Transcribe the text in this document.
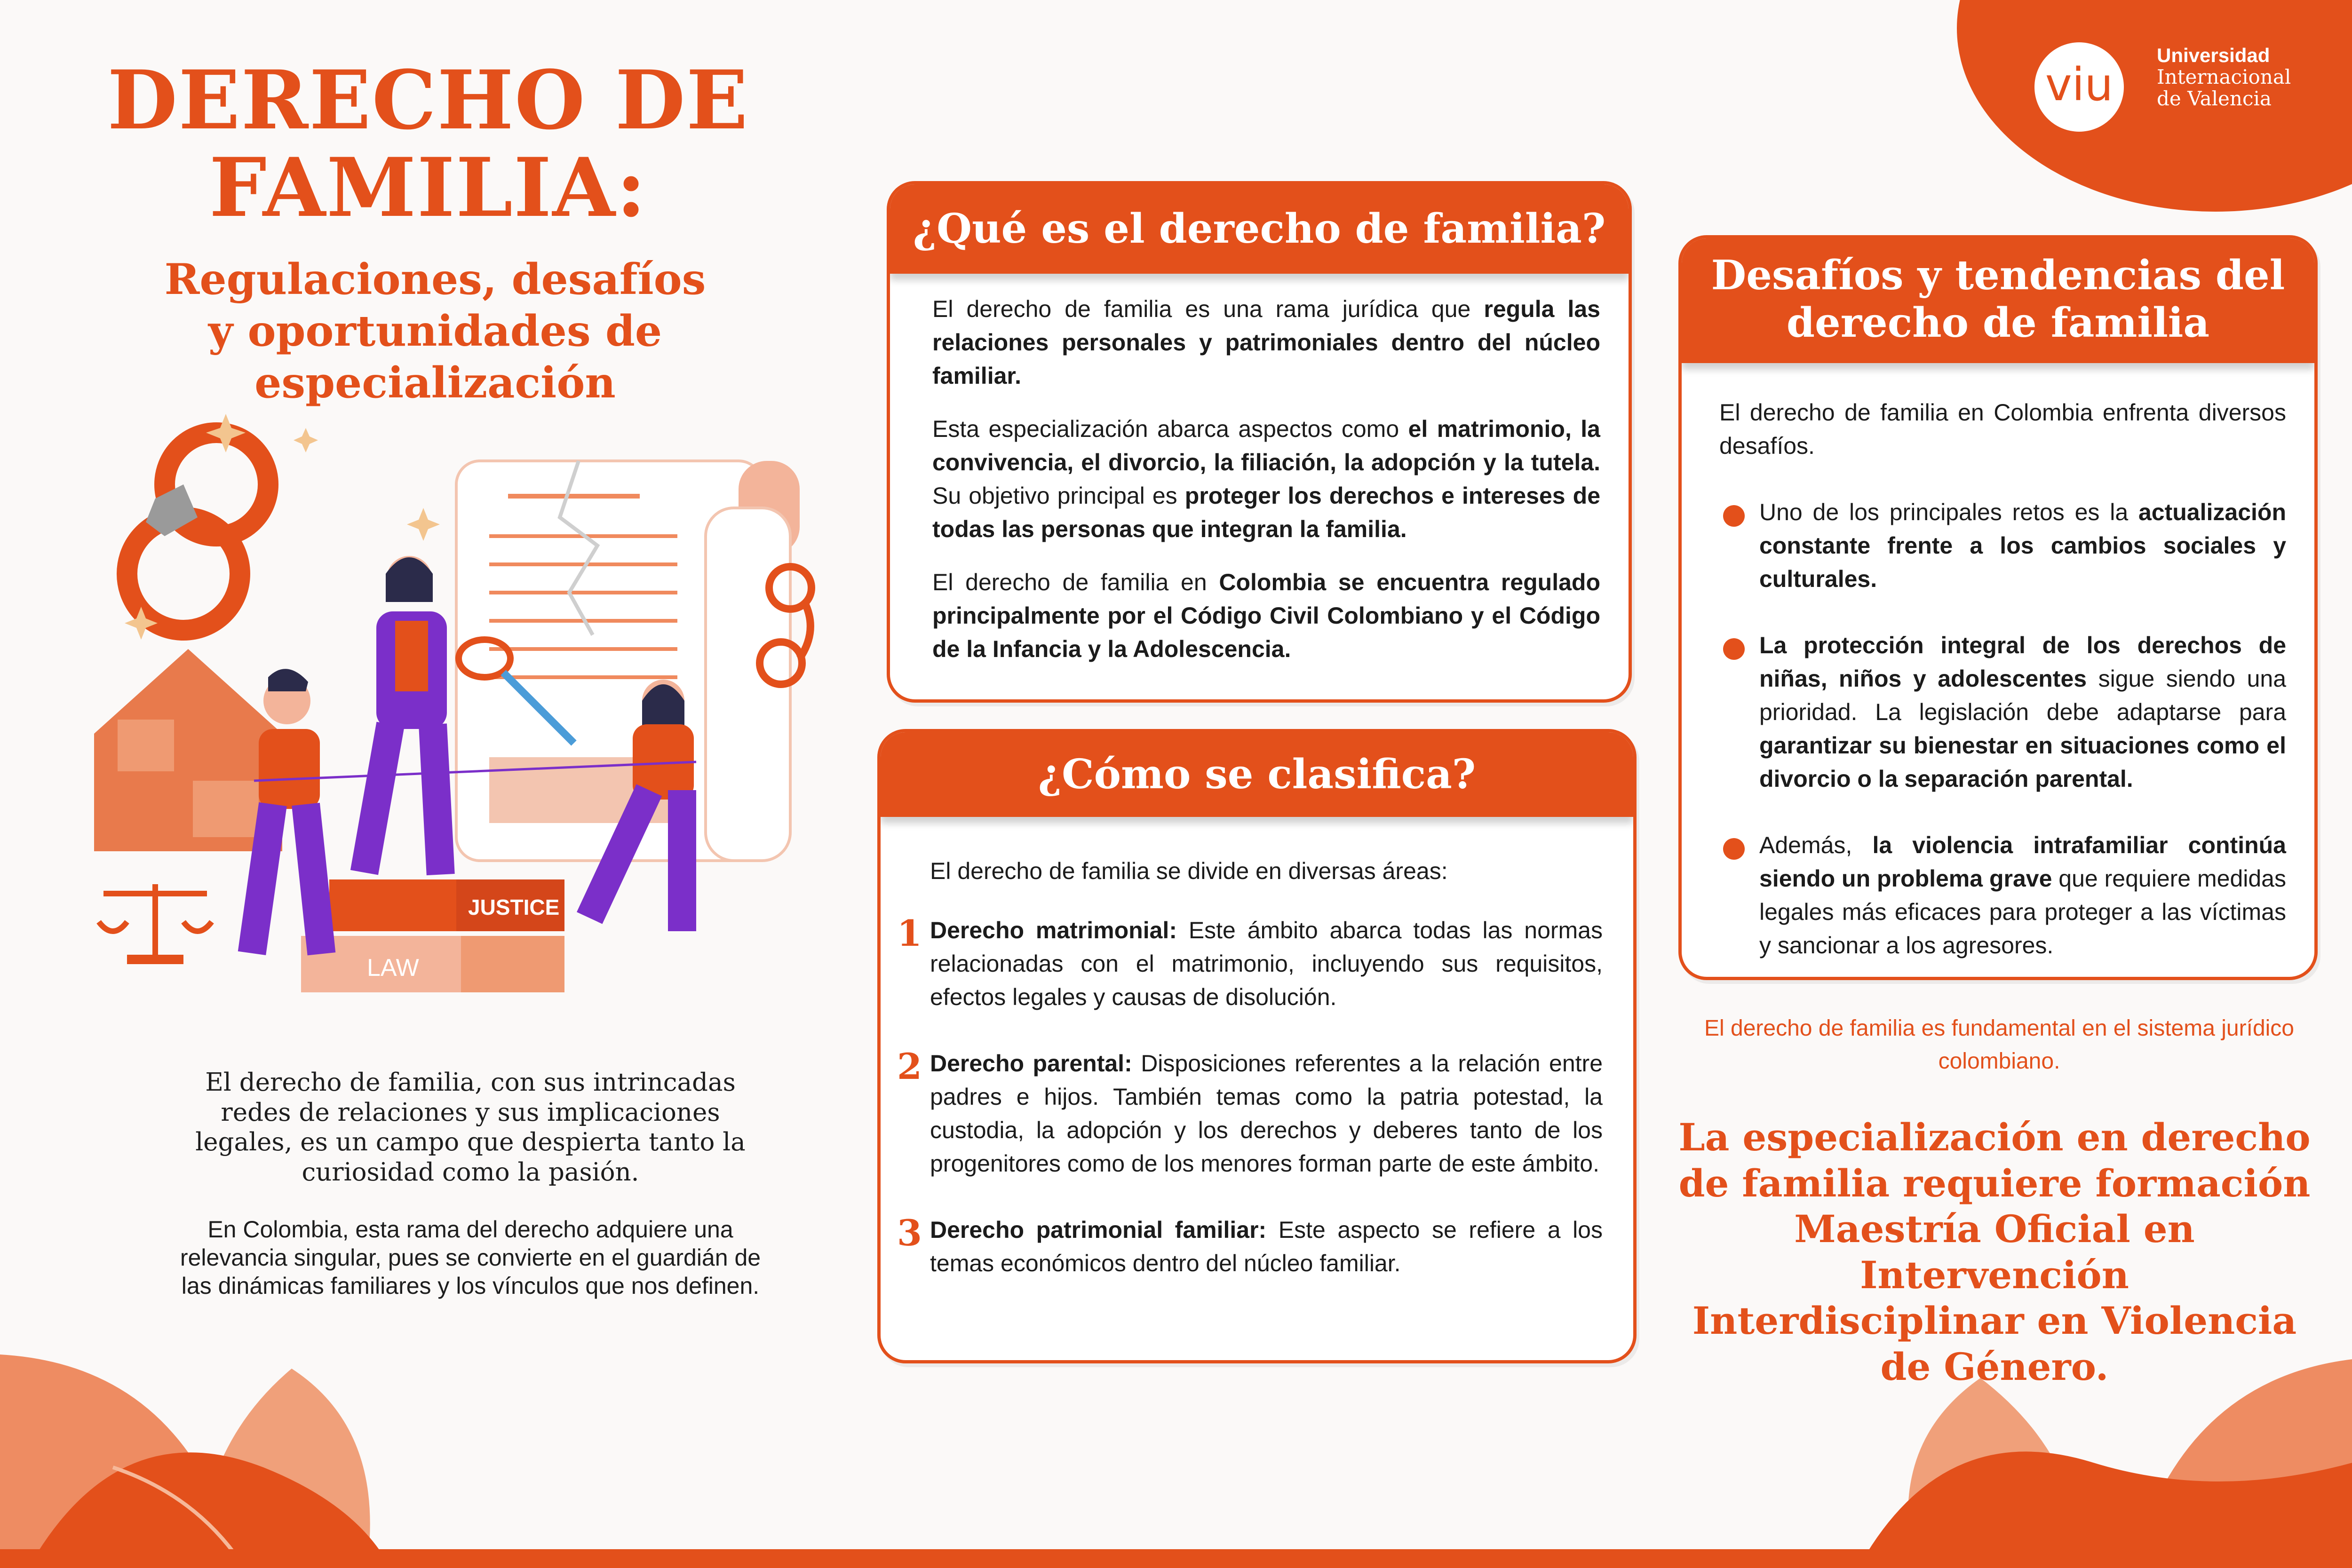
viu
Universidad
Internacional
de Valencia
DERECHO DE
FAMILIA:
Regulaciones, desafíos
y oportunidades de
especialización
JUSTICE
LAW

El derecho de familia, con sus intrincadas redes de relaciones y sus implicaciones legales, es un campo que despierta tanto la curiosidad como la pasión.

En Colombia, esta rama del derecho adquiere una relevancia singular, pues se convierte en el guardián de las dinámicas familiares y los vínculos que nos definen.

¿Qué es el derecho de familia?

El derecho de familia es una rama jurídica que regula las relaciones personales y patrimoniales dentro del núcleo familiar.

Esta especialización abarca aspectos como el matrimonio, la convivencia, el divorcio, la filiación, la adopción y la tutela. Su objetivo principal es proteger los derechos e intereses de todas las personas que integran la familia.

El derecho de familia en Colombia se encuentra regulado principalmente por el Código Civil Colombiano y el Código de la Infancia y la Adolescencia.

¿Cómo se clasifica?

El derecho de familia se divide en diversas áreas:

1 Derecho matrimonial: Este ámbito abarca todas las normas relacionadas con el matrimonio, incluyendo sus requisitos, efectos legales y causas de disolución.
2 Derecho parental: Disposiciones referentes a la relación entre padres e hijos. También temas como la patria potestad, la custodia, la adopción y los derechos y deberes tanto de los progenitores como de los menores forman parte de este ámbito.
3 Derecho patrimonial familiar: Este aspecto se refiere a los temas económicos dentro del núcleo familiar.
Desafíos y tendencias del
derecho de familia

El derecho de familia en Colombia enfrenta diversos desafíos.

Uno de los principales retos es la actualización constante frente a los cambios sociales y culturales.
La protección integral de los derechos de niñas, niños y adolescentes sigue siendo una prioridad. La legislación debe adaptarse para garantizar su bienestar en situaciones como el divorcio o la separación parental.
Además, la violencia intrafamiliar continúa siendo un problema grave que requiere medidas legales más eficaces para proteger a las víctimas y sancionar a los agresores.
El derecho de familia es fundamental en el sistema jurídico colombiano.
La especialización en derecho
de familia requiere formación
Maestría Oficial en Intervención
Interdisciplinar en Violencia
de Género.
